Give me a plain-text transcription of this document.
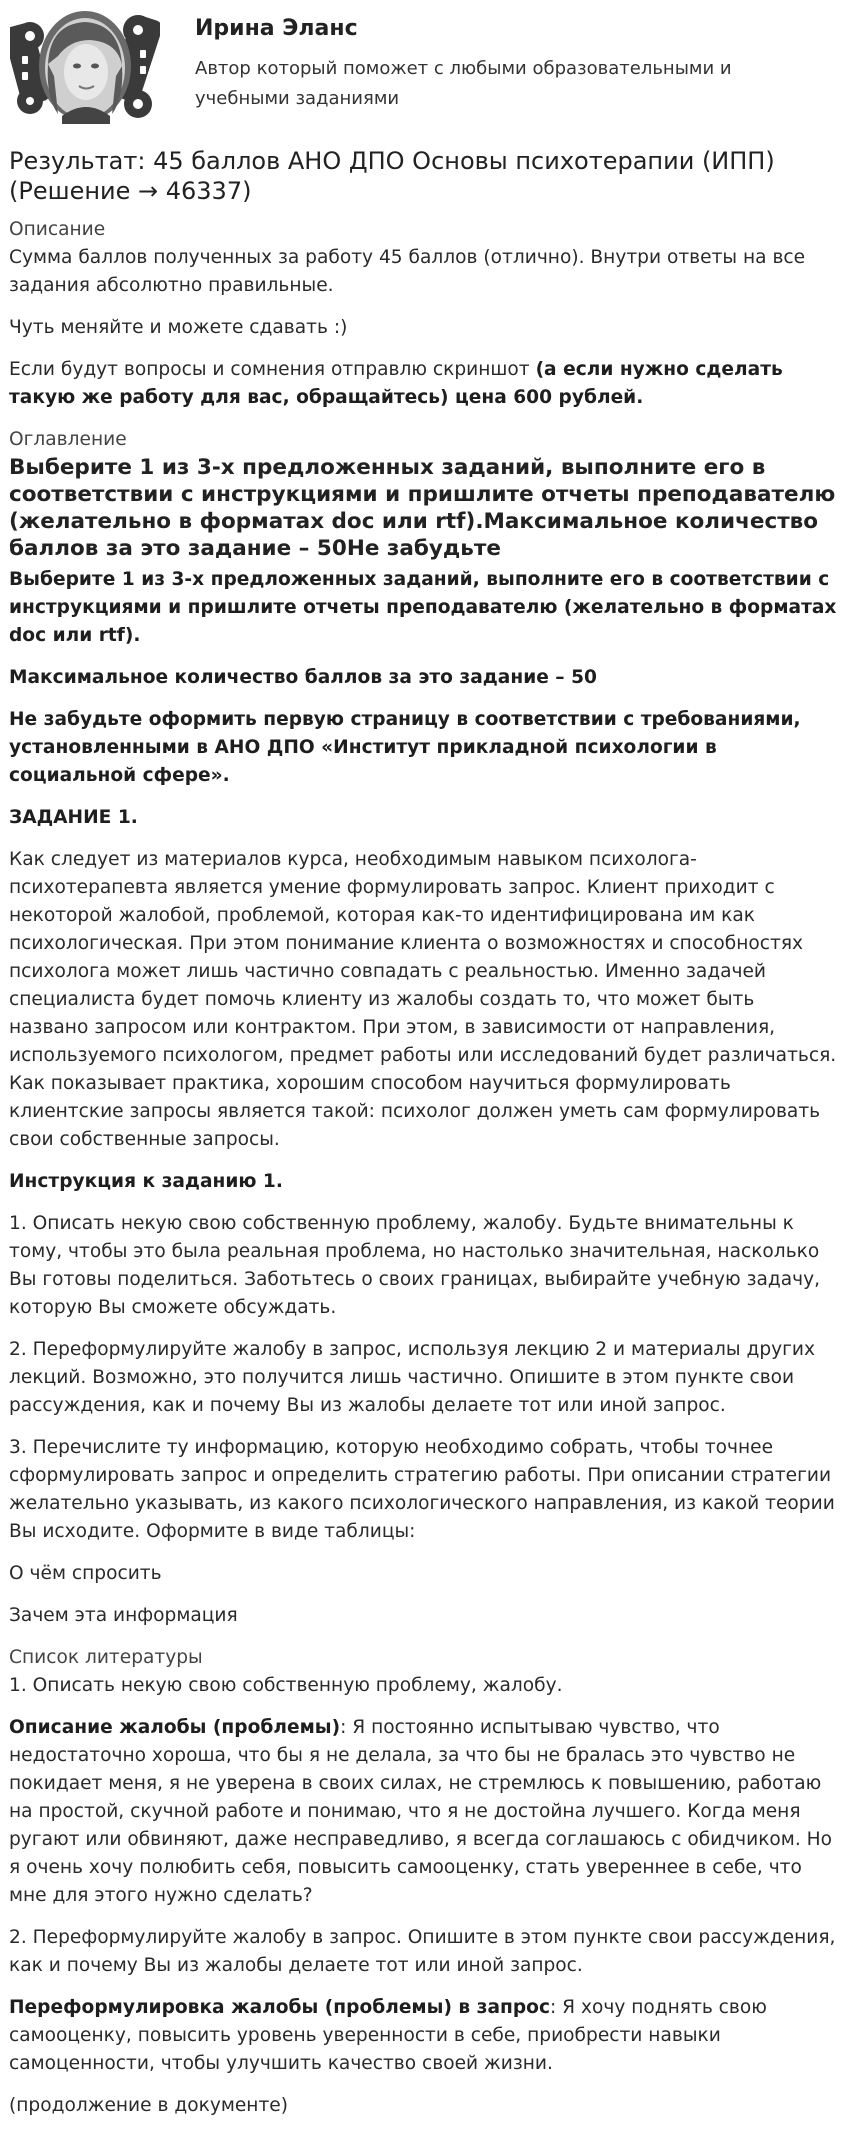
Ирина Эланс
Автор который поможет с любыми образовательными и учебными заданиями
Результат: 45 баллов АНО ДПО Основы психотерапии (ИПП) (Решение → 46337)
Описание

Сумма баллов полученных за работу 45 баллов (отлично). Внутри ответы на все задания абсолютно правильные.

Чуть меняйте и можете сдавать :)

Если будут вопросы и сомнения отправлю скриншот (а если нужно сделать такую же работу для вас, обращайтесь) цена 600 рублей.

Оглавление
Выберите 1 из 3-х предложенных заданий, выполните его в соответствии с инструкциями и пришлите отчеты преподавателю (желательно в форматах doc или rtf).Максимальное количество баллов за это задание – 50Не забудьте

Выберите 1 из 3-х предложенных заданий, выполните его в соответствии с инструкциями и пришлите отчеты преподавателю (желательно в форматах doc или rtf).

Максимальное количество баллов за это задание – 50

Не забудьте оформить первую страницу в соответствии с требованиями, установленными в АНО ДПО «Институт прикладной психологии в социальной сфере».

ЗАДАНИЕ 1.

Как следует из материалов курса, необходимым навыком психолога-психотерапевта является умение формулировать запрос. Клиент приходит с некоторой жалобой, проблемой, которая как-то идентифицирована им как психологическая. При этом понимание клиента о возможностях и способностях психолога может лишь частично совпадать с реальностью. Именно задачей специалиста будет помочь клиенту из жалобы создать то, что может быть названо запросом или контрактом. При этом, в зависимости от направления, используемого психологом, предмет работы или исследований будет различаться. Как показывает практика, хорошим способом научиться формулировать клиентские запросы является такой: психолог должен уметь сам формулировать свои собственные запросы.

Инструкция к заданию 1.

1. Описать некую свою собственную проблему, жалобу. Будьте внимательны к тому, чтобы это была реальная проблема, но настолько значительная, насколько Вы готовы поделиться. Заботьтесь о своих границах, выбирайте учебную задачу, которую Вы сможете обсуждать.

2. Переформулируйте жалобу в запрос, используя лекцию 2 и материалы других лекций. Возможно, это получится лишь частично. Опишите в этом пункте свои рассуждения, как и почему Вы из жалобы делаете тот или иной запрос.

3. Перечислите ту информацию, которую необходимо собрать, чтобы точнее сформулировать запрос и определить стратегию работы. При описании стратегии желательно указывать, из какого психологического направления, из какой теории Вы исходите. Оформите в виде таблицы:

О чём спросить

Зачем эта информация

Список литературы

1. Описать некую свою собственную проблему, жалобу.

Описание жалобы (проблемы): Я постоянно испытываю чувство, что недостаточно хороша, что бы я не делала, за что бы не бралась это чувство не покидает меня, я не уверена в своих силах, не стремлюсь к повышению, работаю на простой, скучной работе и понимаю, что я не достойна лучшего. Когда меня ругают или обвиняют, даже несправедливо, я всегда соглашаюсь с обидчиком. Но я очень хочу полюбить себя, повысить самооценку, стать увереннее в себе, что мне для этого нужно сделать?

2. Переформулируйте жалобу в запрос. Опишите в этом пункте свои рассуждения, как и почему Вы из жалобы делаете тот или иной запрос.

Переформулировка жалобы (проблемы) в запрос: Я хочу поднять свою самооценку, повысить уровень уверенности в себе, приобрести навыки самоценности, чтобы улучшить качество своей жизни.

(продолжение в документе)
